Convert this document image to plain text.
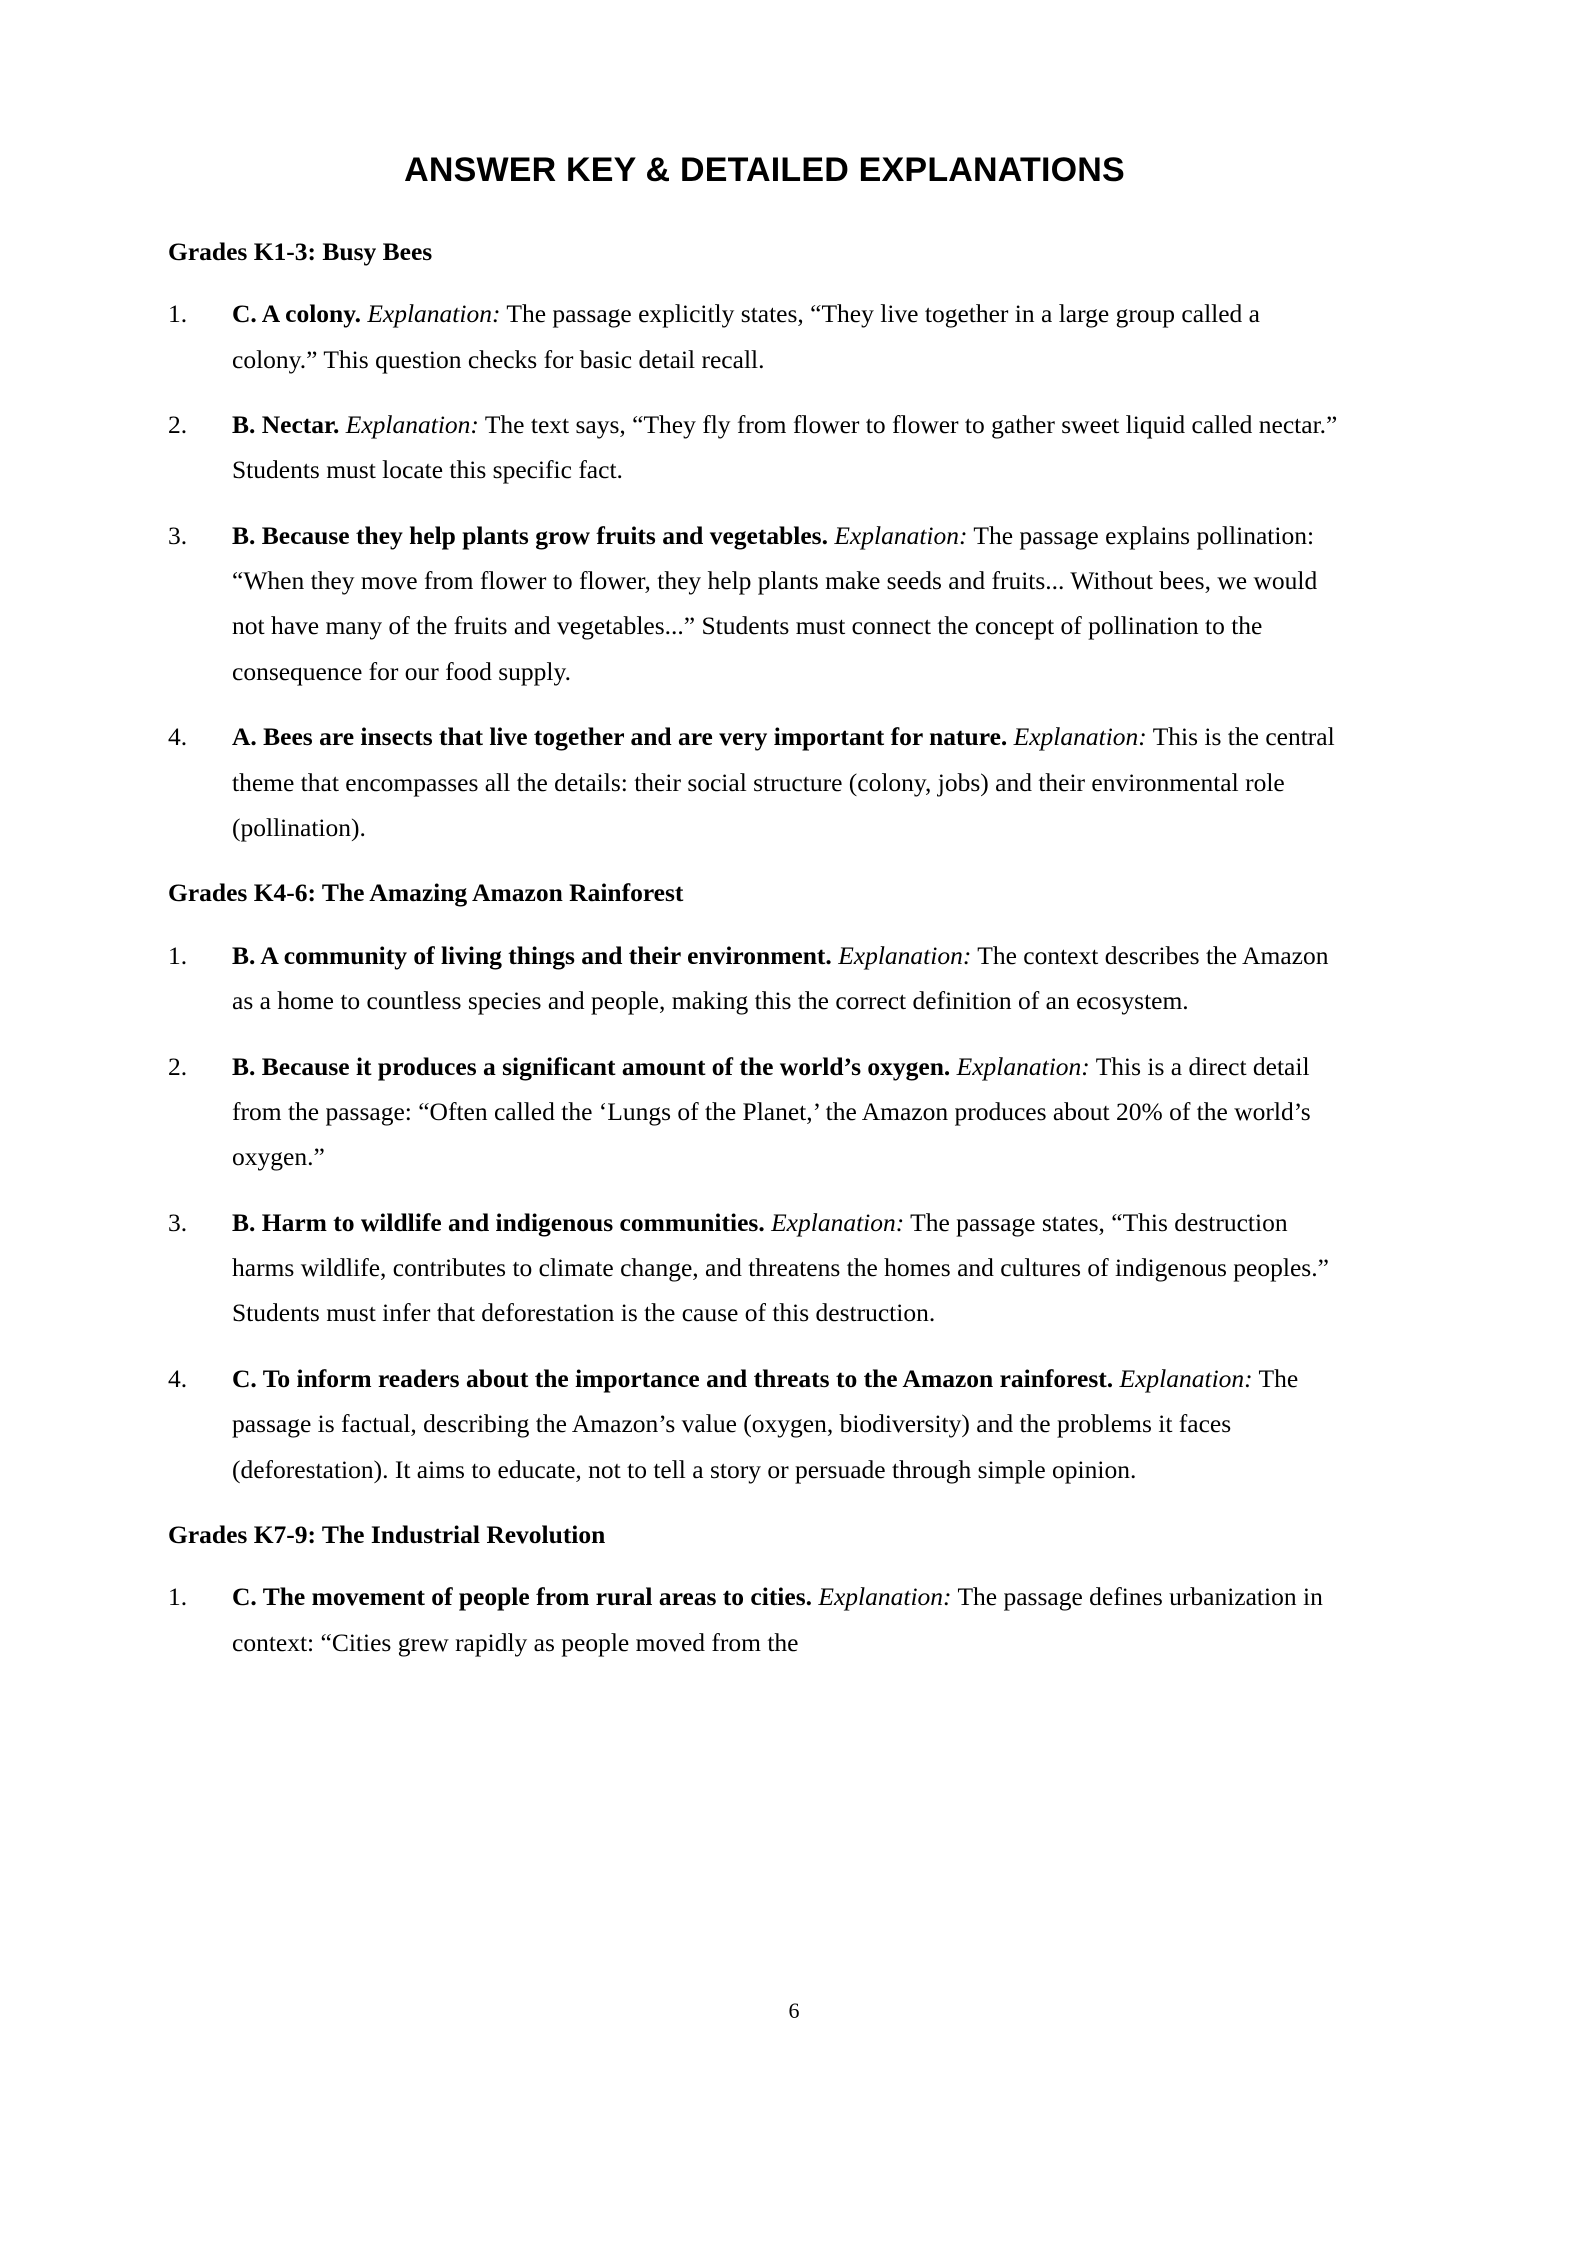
ANSWER KEY & DETAILED EXPLANATIONS
Grades K1-3: Busy Bees
1.	C. A colony. Explanation: The passage explicitly states, “They live together in a large group called a colony.” This question checks for basic detail recall.
2.	B. Nectar. Explanation: The text says, “They fly from flower to flower to gather sweet liquid called nectar.” Students must locate this specific fact.
3.	B. Because they help plants grow fruits and vegetables. Explanation: The passage explains pollination: “When they move from flower to flower, they help plants make seeds and fruits... Without bees, we would not have many of the fruits and vegetables...” Students must connect the concept of pollination to the consequence for our food supply.
4.	A. Bees are insects that live together and are very important for nature. Explanation: This is the central theme that encompasses all the details: their social structure (colony, jobs) and their environmental role (pollination).
Grades K4-6: The Amazing Amazon Rainforest
1.	B. A community of living things and their environment. Explanation: The context describes the Amazon as a home to countless species and people, making this the correct definition of an ecosystem.
2.	B. Because it produces a significant amount of the world’s oxygen. Explanation: This is a direct detail from the passage: “Often called the ‘Lungs of the Planet,’ the Amazon produces about 20% of the world’s oxygen.”
3.	B. Harm to wildlife and indigenous communities. Explanation: The passage states, “This destruction harms wildlife, contributes to climate change, and threatens the homes and cultures of indigenous peoples.” Students must infer that deforestation is the cause of this destruction.
4.	C. To inform readers about the importance and threats to the Amazon rainforest. Explanation: The passage is factual, describing the Amazon’s value (oxygen, biodiversity) and the problems it faces (deforestation). It aims to educate, not to tell a story or persuade through simple opinion.
Grades K7-9: The Industrial Revolution
1.	C. The movement of people from rural areas to cities. Explanation: The passage defines urbanization in context: “Cities grew rapidly as people moved from the
6
